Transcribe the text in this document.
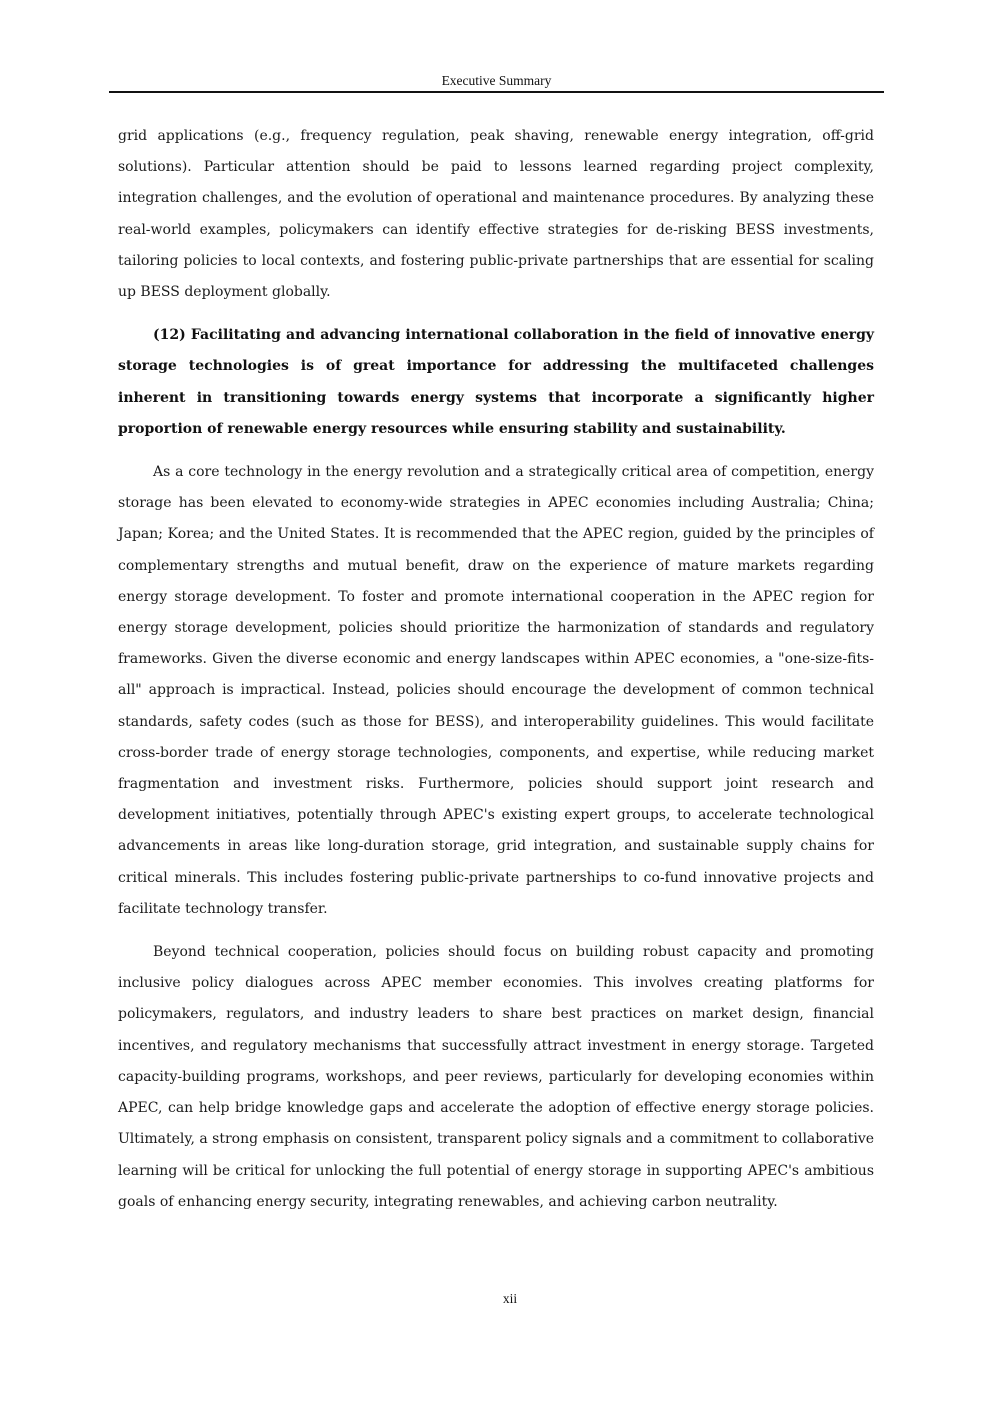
Executive Summary

grid applications (e.g., frequency regulation, peak shaving, renewable energy integration, off-grid solutions). Particular attention should be paid to lessons learned regarding project complexity, integration challenges, and the evolution of operational and maintenance procedures. By analyzing these real-world examples, policymakers can identify effective strategies for de-risking BESS investments, tailoring policies to local contexts, and fostering public-private partnerships that are essential for scaling up BESS deployment globally.

(12) Facilitating and advancing international collaboration in the field of innovative energy storage technologies is of great importance for addressing the multifaceted challenges inherent in transitioning towards energy systems that incorporate a significantly higher proportion of renewable energy resources while ensuring stability and sustainability.

As a core technology in the energy revolution and a strategically critical area of competition, energy storage has been elevated to economy-wide strategies in APEC economies including Australia; China; Japan; Korea; and the United States. It is recommended that the APEC region, guided by the principles of complementary strengths and mutual benefit, draw on the experience of mature markets regarding energy storage development. To foster and promote international cooperation in the APEC region for energy storage development, policies should prioritize the harmonization of standards and regulatory frameworks. Given the diverse economic and energy landscapes within APEC economies, a "one-size-fits-all" approach is impractical. Instead, policies should encourage the development of common technical standards, safety codes (such as those for BESS), and interoperability guidelines. This would facilitate cross-border trade of energy storage technologies, components, and expertise, while reducing market fragmentation and investment risks. Furthermore, policies should support joint research and development initiatives, potentially through APEC's existing expert groups, to accelerate technological advancements in areas like long-duration storage, grid integration, and sustainable supply chains for critical minerals. This includes fostering public-private partnerships to co-fund innovative projects and facilitate technology transfer.

Beyond technical cooperation, policies should focus on building robust capacity and promoting inclusive policy dialogues across APEC member economies. This involves creating platforms for policymakers, regulators, and industry leaders to share best practices on market design, financial incentives, and regulatory mechanisms that successfully attract investment in energy storage. Targeted capacity-building programs, workshops, and peer reviews, particularly for developing economies within APEC, can help bridge knowledge gaps and accelerate the adoption of effective energy storage policies. Ultimately, a strong emphasis on consistent, transparent policy signals and a commitment to collaborative learning will be critical for unlocking the full potential of energy storage in supporting APEC's ambitious goals of enhancing energy security, integrating renewables, and achieving carbon neutrality.

xii
